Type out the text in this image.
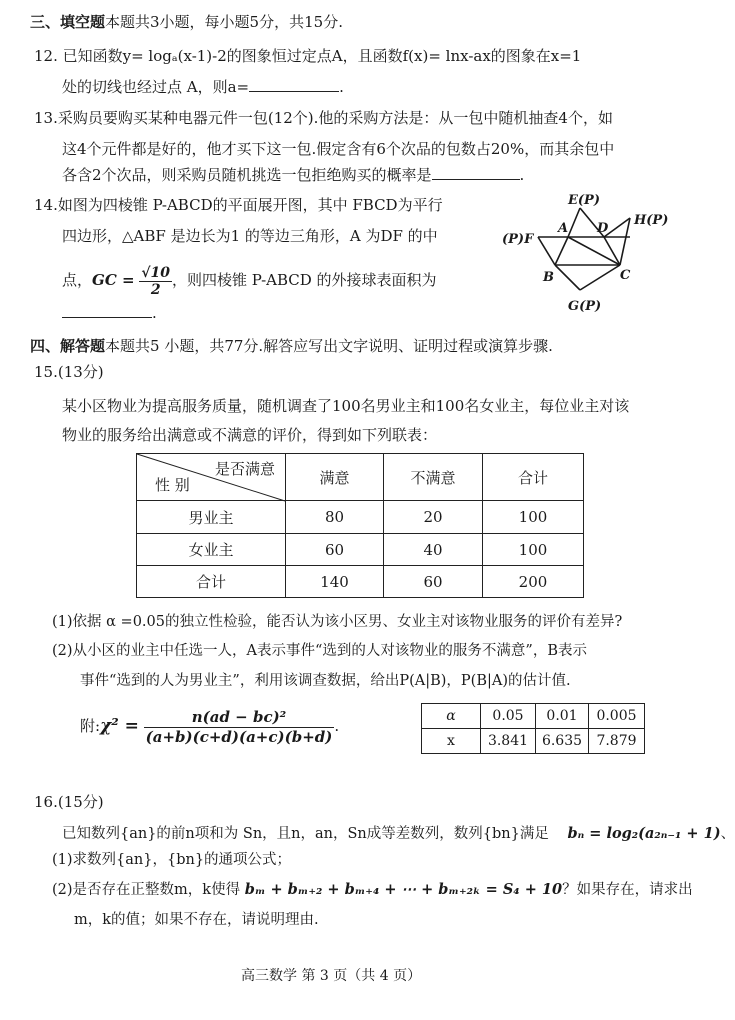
三、填空题本题共3小题，每小题5分，共15分.
12. 已知函数y= logₐ(x-1)-2的图象恒过定点A，且函数f(x)= lnx-ax的图象在x=1
处的切线也经过点 A，则a=	.
13.采购员要购买某种电器元件一包(12个).他的采购方法是：从一包中随机抽查4个，如
这4个元件都是好的，他才买下这一包.假定含有6个次品的包数占20%，而其余包中
各含2个次品，则采购员随机挑选一包拒绝购买的概率是	.
14.如图为四棱锥 P-ABCD的平面展开图，其中 FBCD为平行
四边形，△ABF 是边长为1 的等边三角形，A 为DF 的中
点，GC = $\frac{√10}{2}$ ，则四棱锥 P-ABCD 的外接球表面积为
.
E(P)
H(P)
(P)F
A D
B	C
G(P)
四、解答题本题共5 小题，共77分.解答应写出文字说明、证明过程或演算步骤.
15.(13分)
某小区物业为提高服务质量，随机调查了100名男业主和100名女业主，每位业主对该
物业的服务给出满意或不满意的评价，得到如下列联表：
是否满意
性 别	满意	不满意	合计
男业主	80	20	100
女业主	60	40	100
合计	140	60	200
(1)依据 α =0.05的独立性检验，能否认为该小区男、女业主对该物业服务的评价有差异?
(2)从小区的业主中任选一人，A表示事件“选到的人对该物业的服务不满意”，B表示
事件“选到的人为男业主”，利用该调查数据，给出P(A|B)，P(B|A)的估计值.
附:χ² = $\frac{\text{n(ad − bc)²}}{(a+b)(c+d)(a+c)(b+d)}$ .
α	0.05	0.01	0.005
x	3.841	6.635	7.879
16.(15分)
已知数列{an}的前n项和为 Sn，且n，an，Sn成等差数列，数列{bn}满足 bₙ = log₂(a₂ₙ₋₁ + 1)、
(1)求数列{an}，{bn}的通项公式；
(2)是否存在正整数m，k使得 bₘ + bₘ₊₂ + bₘ₊₄ + ⋯ + bₘ₊₂ₖ = S₄ + 10？如果存在，请求出
m，k的值；如果不存在，请说明理由.
高三数学 第 3 页（共 4 页）
